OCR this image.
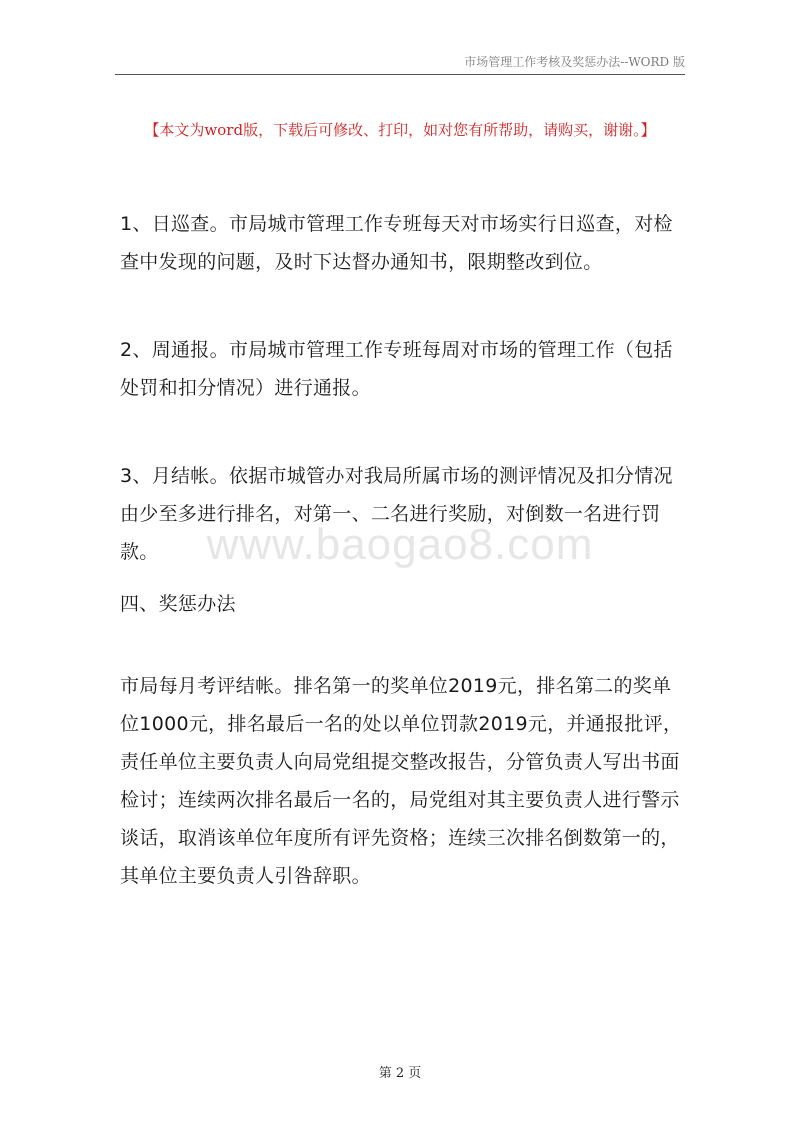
市场管理工作考核及奖惩办法--WORD 版
【本文为word版，下载后可修改、打印，如对您有所帮助，请购买，谢谢。】
1、日巡查。市局城市管理工作专班每天对市场实行日巡查，对检查中发现的问题，及时下达督办通知书，限期整改到位。
2、周通报。市局城市管理工作专班每周对市场的管理工作（包括处罚和扣分情况）进行通报。
3、月结帐。依据市城管办对我局所属市场的测评情况及扣分情况由少至多进行排名，对第一、二名进行奖励，对倒数一名进行罚款。
四、奖惩办法
市局每月考评结帐。排名第一的奖单位2019元，排名第二的奖单位1000元，排名最后一名的处以单位罚款2019元，并通报批评，责任单位主要负责人向局党组提交整改报告，分管负责人写出书面检讨；连续两次排名最后一名的，局党组对其主要负责人进行警示谈话，取消该单位年度所有评先资格；连续三次排名倒数第一的，其单位主要负责人引咎辞职。
www.baogao8.com
第 2 页
